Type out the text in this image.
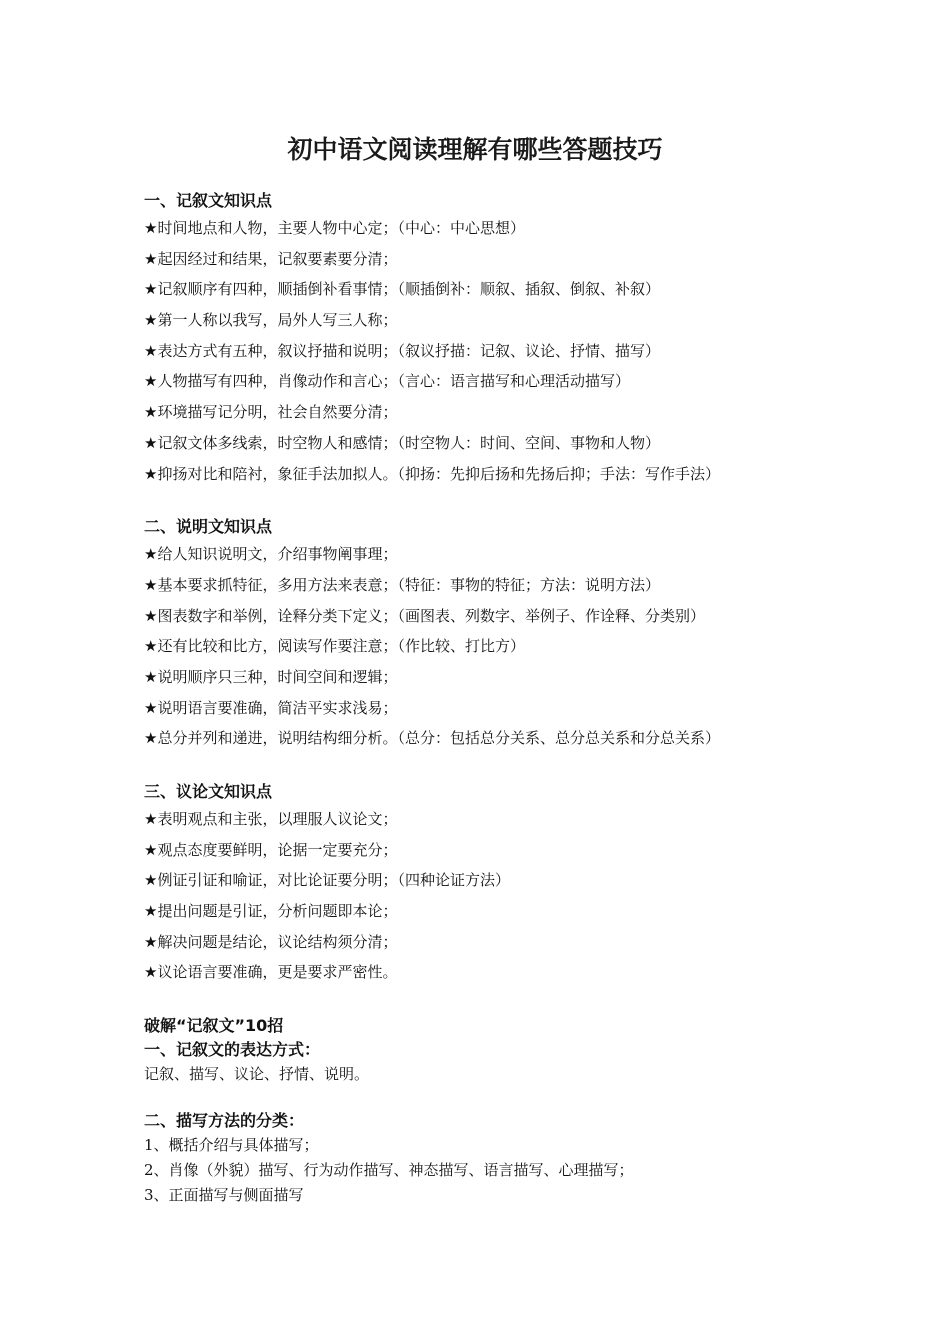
初中语文阅读理解有哪些答题技巧
一、记叙文知识点
★时间地点和人物，主要人物中心定；（中心：中心思想）
★起因经过和结果，记叙要素要分清；
★记叙顺序有四种，顺插倒补看事情；（顺插倒补：顺叙、插叙、倒叙、补叙）
★第一人称以我写，局外人写三人称；
★表达方式有五种，叙议抒描和说明；（叙议抒描：记叙、议论、抒情、描写）
★人物描写有四种，肖像动作和言心；（言心：语言描写和心理活动描写）
★环境描写记分明，社会自然要分清；
★记叙文体多线索，时空物人和感情；（时空物人：时间、空间、事物和人物）
★抑扬对比和陪衬，象征手法加拟人。（抑扬：先抑后扬和先扬后抑；手法：写作手法）
二、说明文知识点
★给人知识说明文，介绍事物阐事理；
★基本要求抓特征，多用方法来表意；（特征：事物的特征；方法：说明方法）
★图表数字和举例，诠释分类下定义；（画图表、列数字、举例子、作诠释、分类别）
★还有比较和比方，阅读写作要注意；（作比较、打比方）
★说明顺序只三种，时间空间和逻辑；
★说明语言要准确，简洁平实求浅易；
★总分并列和递进，说明结构细分析。（总分：包括总分关系、总分总关系和分总关系）
三、议论文知识点
★表明观点和主张，以理服人议论文；
★观点态度要鲜明，论据一定要充分；
★例证引证和喻证，对比论证要分明；（四种论证方法）
★提出问题是引证，分析问题即本论；
★解决问题是结论，议论结构须分清；
★议论语言要准确，更是要求严密性。
破解“记叙文”10招
一、记叙文的表达方式：
记叙、描写、议论、抒情、说明。
二、描写方法的分类：
1、概括介绍与具体描写；
2、肖像（外貌）描写、行为动作描写、神态描写、语言描写、心理描写；
3、正面描写与侧面描写
